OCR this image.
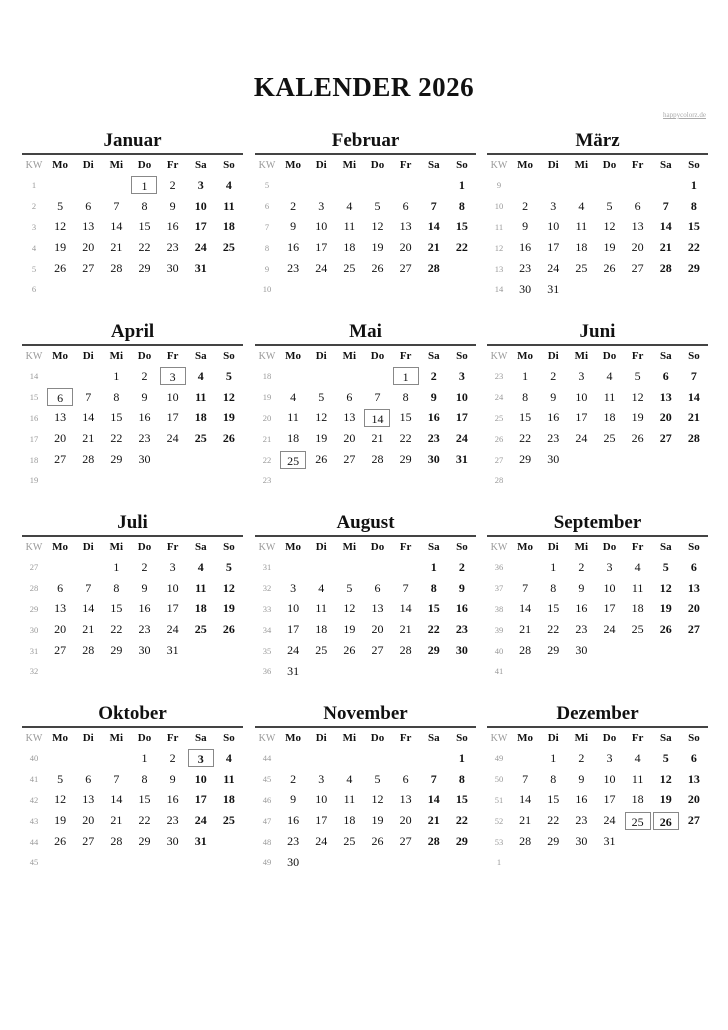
KALENDER 2026
happycolorz.de
Januar
KW	Mo	Di	Mi	Do	Fr	Sa	So
1				1	2	3	4
2	5	6	7	8	9	10	11
3	12	13	14	15	16	17	18
4	19	20	21	22	23	24	25
5	26	27	28	29	30	31	
6							
Februar
KW	Mo	Di	Mi	Do	Fr	Sa	So
5							1
6	2	3	4	5	6	7	8
7	9	10	11	12	13	14	15
8	16	17	18	19	20	21	22
9	23	24	25	26	27	28	
10							
März
KW	Mo	Di	Mi	Do	Fr	Sa	So
9							1
10	2	3	4	5	6	7	8
11	9	10	11	12	13	14	15
12	16	17	18	19	20	21	22
13	23	24	25	26	27	28	29
14	30	31					
April
KW	Mo	Di	Mi	Do	Fr	Sa	So
14			1	2	3	4	5
15	6	7	8	9	10	11	12
16	13	14	15	16	17	18	19
17	20	21	22	23	24	25	26
18	27	28	29	30			
19							
Mai
KW	Mo	Di	Mi	Do	Fr	Sa	So
18					1	2	3
19	4	5	6	7	8	9	10
20	11	12	13	14	15	16	17
21	18	19	20	21	22	23	24
22	25	26	27	28	29	30	31
23							
Juni
KW	Mo	Di	Mi	Do	Fr	Sa	So
23	1	2	3	4	5	6	7
24	8	9	10	11	12	13	14
25	15	16	17	18	19	20	21
26	22	23	24	25	26	27	28
27	29	30					
28							
Juli
KW	Mo	Di	Mi	Do	Fr	Sa	So
27			1	2	3	4	5
28	6	7	8	9	10	11	12
29	13	14	15	16	17	18	19
30	20	21	22	23	24	25	26
31	27	28	29	30	31		
32							
August
KW	Mo	Di	Mi	Do	Fr	Sa	So
31						1	2
32	3	4	5	6	7	8	9
33	10	11	12	13	14	15	16
34	17	18	19	20	21	22	23
35	24	25	26	27	28	29	30
36	31						
September
KW	Mo	Di	Mi	Do	Fr	Sa	So
36		1	2	3	4	5	6
37	7	8	9	10	11	12	13
38	14	15	16	17	18	19	20
39	21	22	23	24	25	26	27
40	28	29	30				
41							
Oktober
KW	Mo	Di	Mi	Do	Fr	Sa	So
40				1	2	3	4
41	5	6	7	8	9	10	11
42	12	13	14	15	16	17	18
43	19	20	21	22	23	24	25
44	26	27	28	29	30	31	
45							
November
KW	Mo	Di	Mi	Do	Fr	Sa	So
44							1
45	2	3	4	5	6	7	8
46	9	10	11	12	13	14	15
47	16	17	18	19	20	21	22
48	23	24	25	26	27	28	29
49	30						
Dezember
KW	Mo	Di	Mi	Do	Fr	Sa	So
49		1	2	3	4	5	6
50	7	8	9	10	11	12	13
51	14	15	16	17	18	19	20
52	21	22	23	24	25	26	27
53	28	29	30	31			
1							
